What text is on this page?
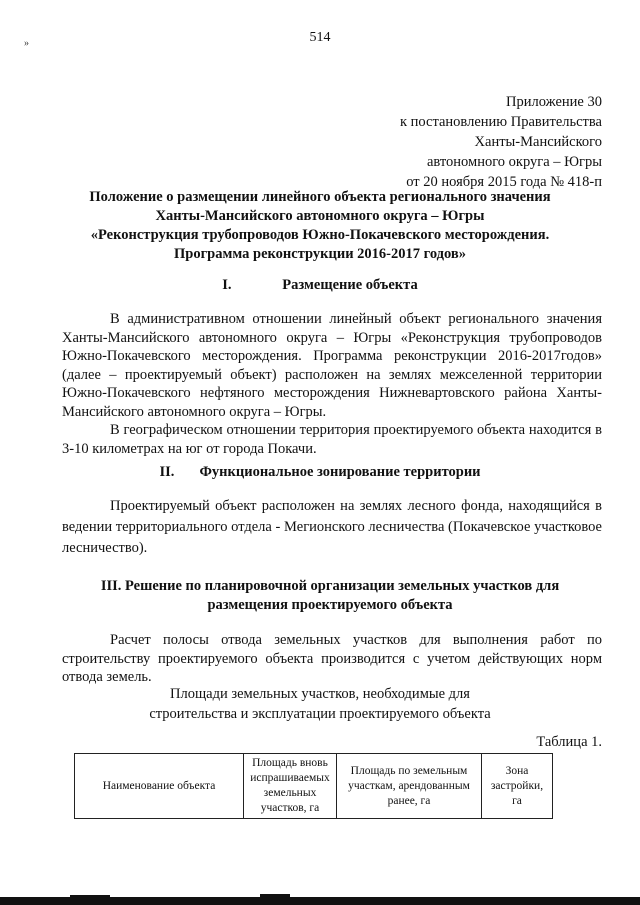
»	514
Приложение 30
к постановлению Правительства
Ханты-Мансийского
автономного округа – Югры
от 20 ноября 2015 года № 418-п
Положение о размещении линейного объекта регионального значения
Ханты-Мансийского автономного округа – Югры
«Реконструкция трубопроводов Южно-Покачевского месторождения.
Программа реконструкции 2016-2017 годов»
I.	Размещение объекта

В административном отношении линейный объект регионального значения Ханты-Мансийского автономного округа – Югры «Реконструкция трубопроводов Южно-Покачевского месторождения. Программа реконструкции 2016-2017годов» (далее – проектируемый объект) расположен на землях межселенной территории Южно-Покачевского нефтяного месторождения Нижневартовского района Ханты-Мансийского автономного округа – Югры.

В географическом отношении территория проектируемого объекта находится в 3-10 километрах на юг от города Покачи.

II. Функциональное зонирование территории

Проектируемый объект расположен на землях лесного фонда, находящийся в ведении территориального отдела - Мегионского лесничества (Покачевское участковое лесничество).

III. Решение по планировочной организации земельных участков для
размещения проектируемого объекта

Расчет полосы отвода земельных участков для выполнения работ по строительству проектируемого объекта производится с учетом действующих норм отвода земель.

Площади земельных участков, необходимые для
строительства и эксплуатации проектируемого объекта
Таблица 1.
Наименование объекта	Площадь вновь испрашиваемых земельных участков, га	Площадь по земельным участкам, арендованным ранее, га	Зона застройки, га
